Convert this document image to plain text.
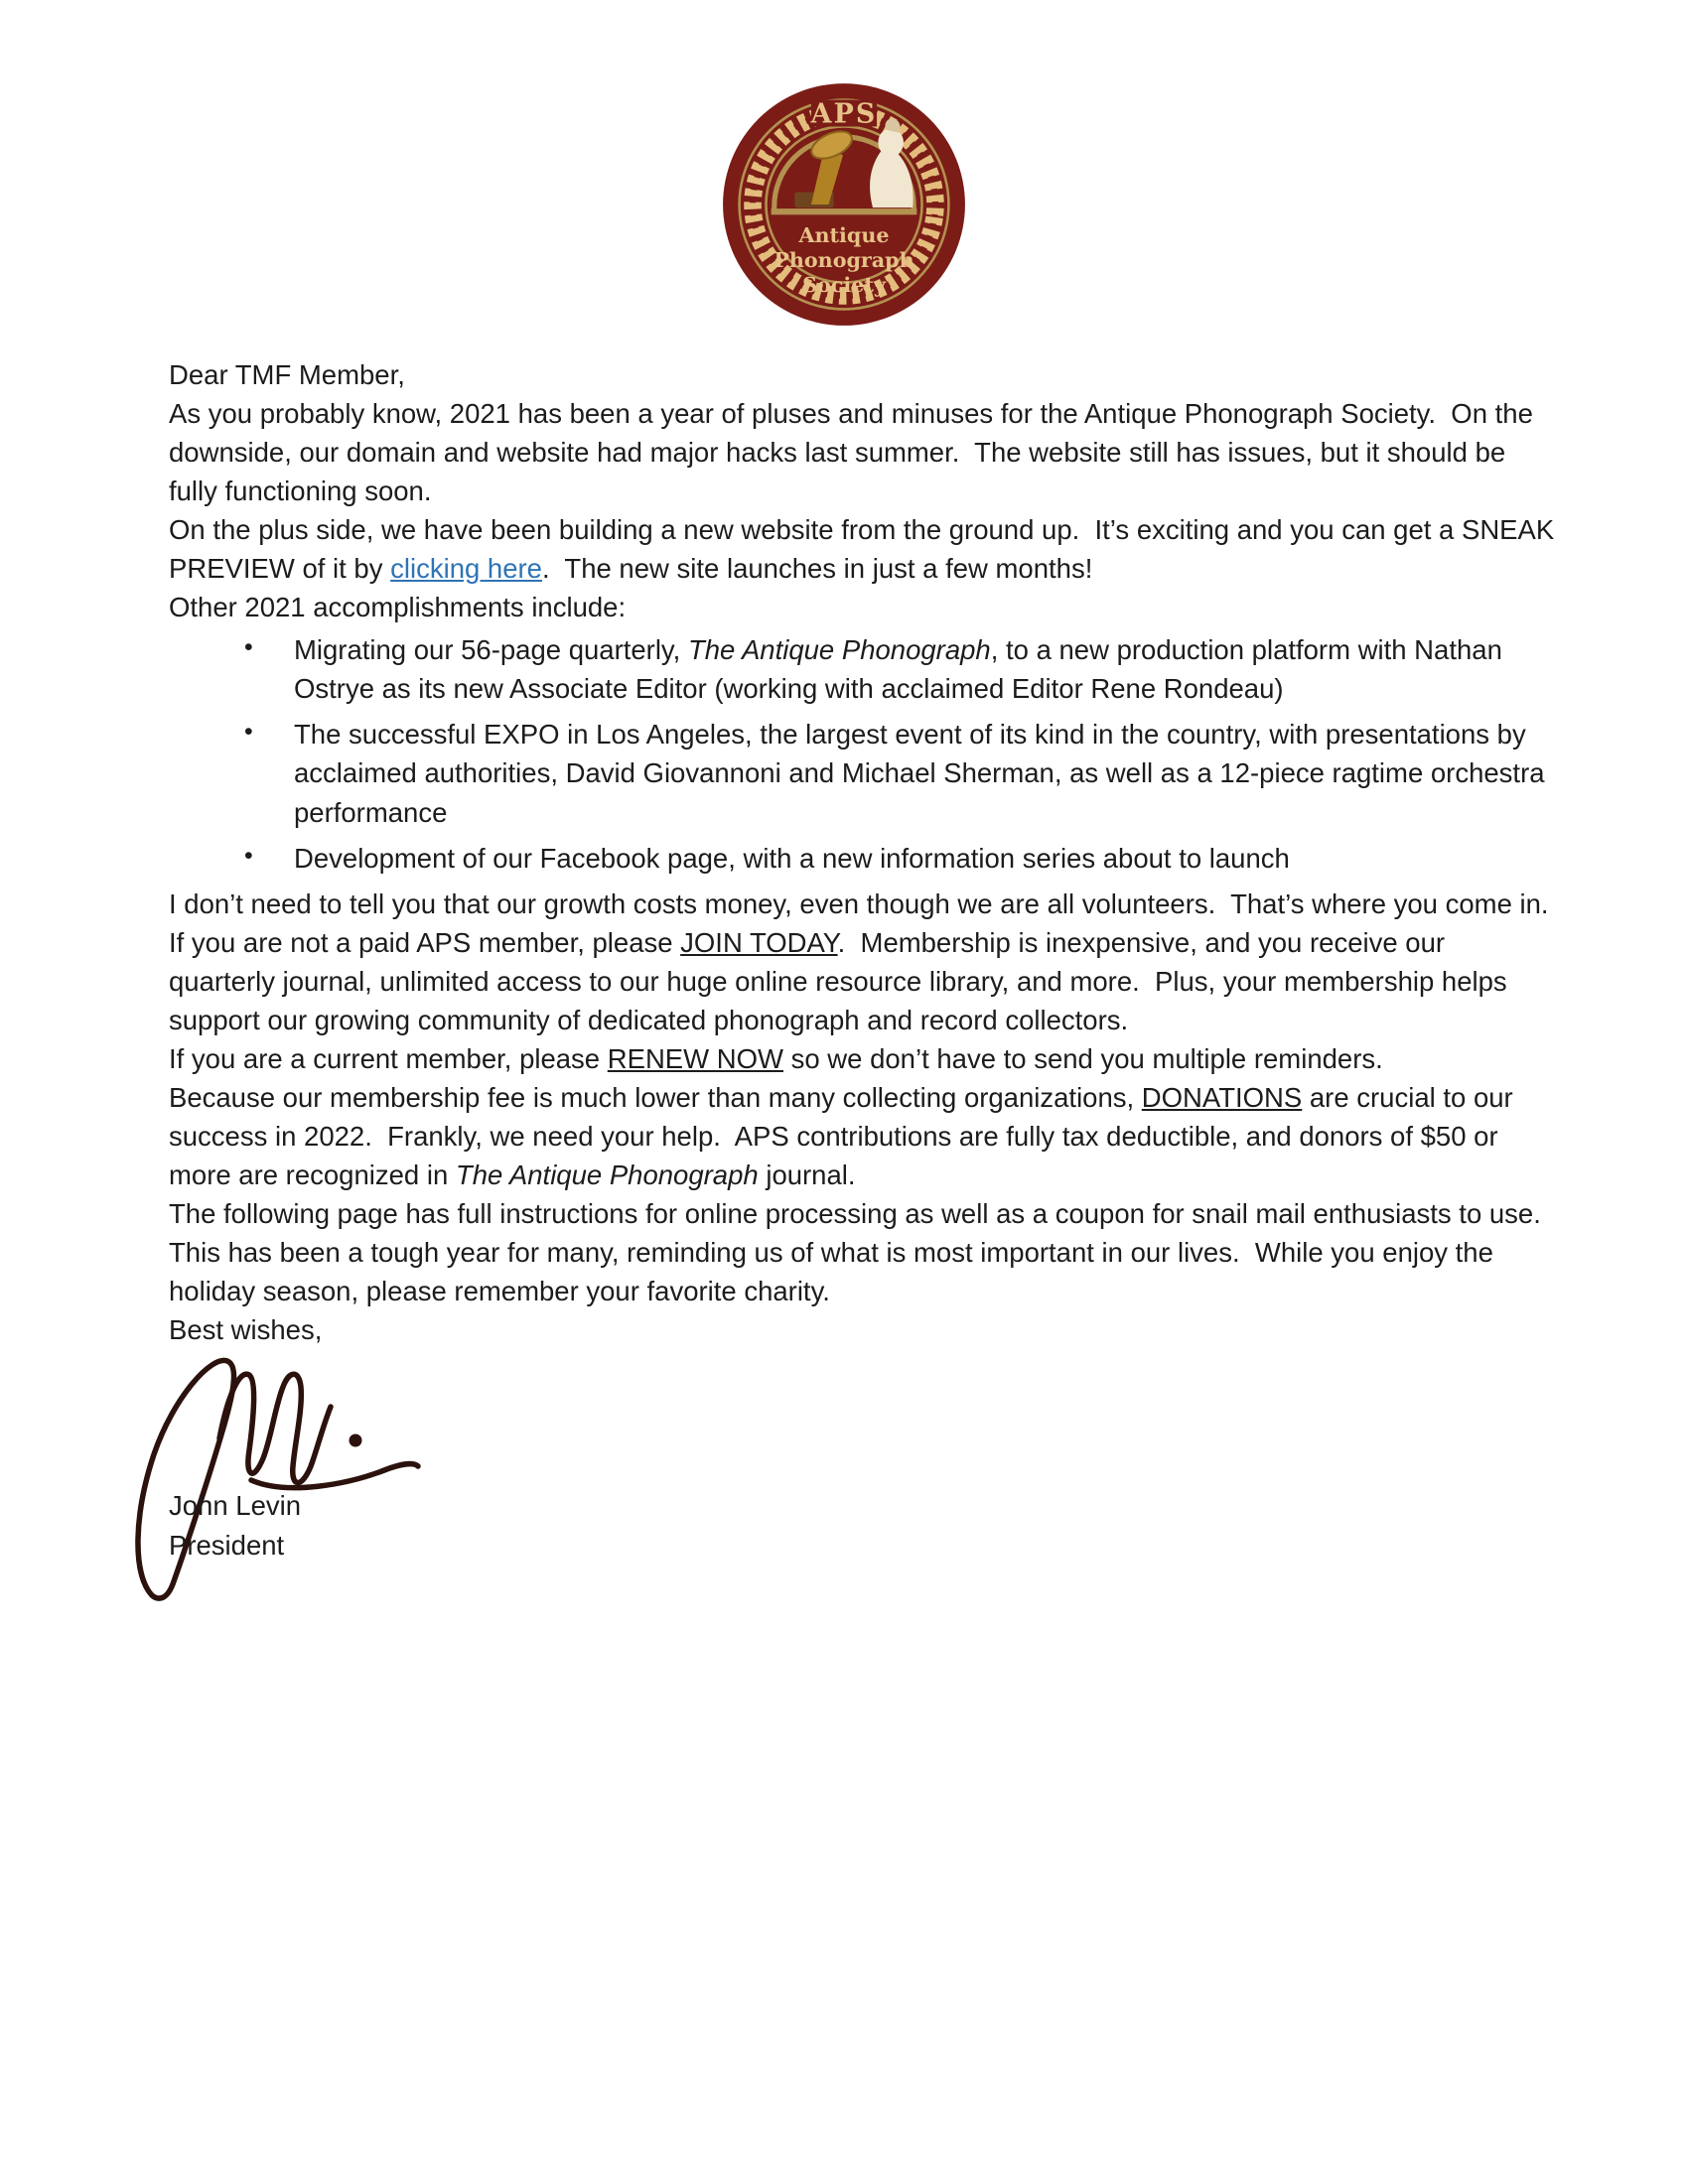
APS
Antique
Phonograph
Society

Dear TMF Member,

As you probably know, 2021 has been a year of pluses and minuses for the Antique Phonograph Society.  On the downside, our domain and website had major hacks last summer.  The website still has issues, but it should be fully functioning soon.

On the plus side, we have been building a new website from the ground up.  It’s exciting and you can get a SNEAK PREVIEW of it by clicking here.  The new site launches in just a few months!

Other 2021 accomplishments include:

• Migrating our 56-page quarterly, The Antique Phonograph, to a new production platform with Nathan Ostrye as its new Associate Editor (working with acclaimed Editor Rene Rondeau)
• The successful EXPO in Los Angeles, the largest event of its kind in the country, with presentations by acclaimed authorities, David Giovannoni and Michael Sherman, as well as a 12-piece ragtime orchestra performance
• Development of our Facebook page, with a new information series about to launch

I don’t need to tell you that our growth costs money, even though we are all volunteers.  That’s where you come in.

If you are not a paid APS member, please JOIN TODAY.  Membership is inexpensive, and you receive our quarterly journal, unlimited access to our huge online resource library, and more.  Plus, your membership helps support our growing community of dedicated phonograph and record collectors.

If you are a current member, please RENEW NOW so we don’t have to send you multiple reminders.

Because our membership fee is much lower than many collecting organizations, DONATIONS are crucial to our success in 2022.  Frankly, we need your help.  APS contributions are fully tax deductible, and donors of $50 or more are recognized in The Antique Phonograph journal.

The following page has full instructions for online processing as well as a coupon for snail mail enthusiasts to use.

This has been a tough year for many, reminding us of what is most important in our lives.  While you enjoy the holiday season, please remember your favorite charity.

Best wishes,

John Levin
President
